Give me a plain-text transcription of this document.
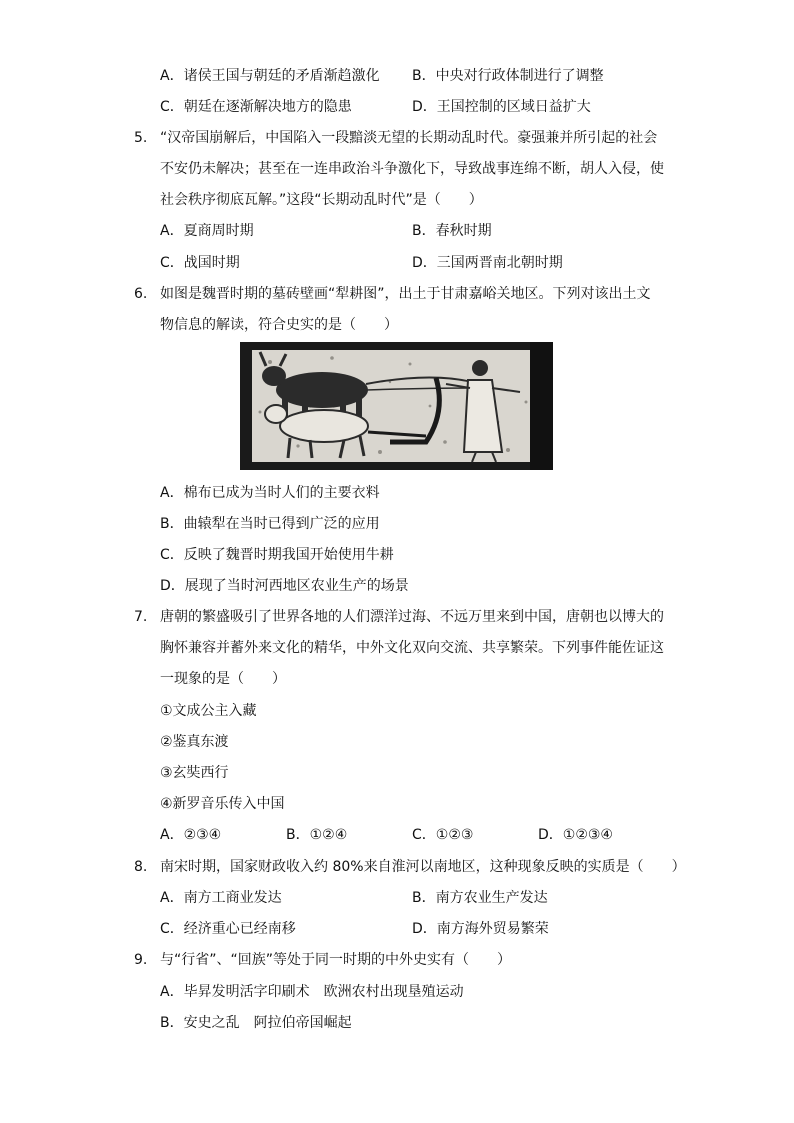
A．诸侯王国与朝廷的矛盾渐趋激化 B．中央对行政体制进行了调整
C．朝廷在逐渐解决地方的隐患	D．王国控制的区域日益扩大
5. “汉帝国崩解后，中国陷入一段黯淡无望的长期动乱时代。豪强兼并所引起的社会
不安仍未解决；甚至在一连串政治斗争激化下，导致战事连绵不断，胡人入侵，使
社会秩序彻底瓦解。”这段“长期动乱时代”是（　　）
A．夏商周时期	B．春秋时期
C．战国时期	D．三国两晋南北朝时期
6. 如图是魏晋时期的墓砖壁画“犁耕图”，出土于甘肃嘉峪关地区。下列对该出土文
物信息的解读，符合史实的是（　　）
A．棉布已成为当时人们的主要衣料
B．曲辕犁在当时已得到广泛的应用
C．反映了魏晋时期我国开始使用牛耕
D．展现了当时河西地区农业生产的场景
7. 唐朝的繁盛吸引了世界各地的人们漂洋过海、不远万里来到中国，唐朝也以博大的
胸怀兼容并蓄外来文化的精华，中外文化双向交流、共享繁荣。下列事件能佐证这
一现象的是（　　）
①文成公主入藏
②鉴真东渡
③玄奘西行
④新罗音乐传入中国
A．②③④	B．①②④	C．①②③	D．①②③④
8. 南宋时期，国家财政收入约 80%来自淮河以南地区，这种现象反映的实质是（　　）
A．南方工商业发达	B．南方农业生产发达
C．经济重心已经南移	D．南方海外贸易繁荣
9. 与“行省”、“回族”等处于同一时期的中外史实有（　　）
A．毕昇发明活字印刷术　欧洲农村出现垦殖运动
B．安史之乱　阿拉伯帝国崛起
